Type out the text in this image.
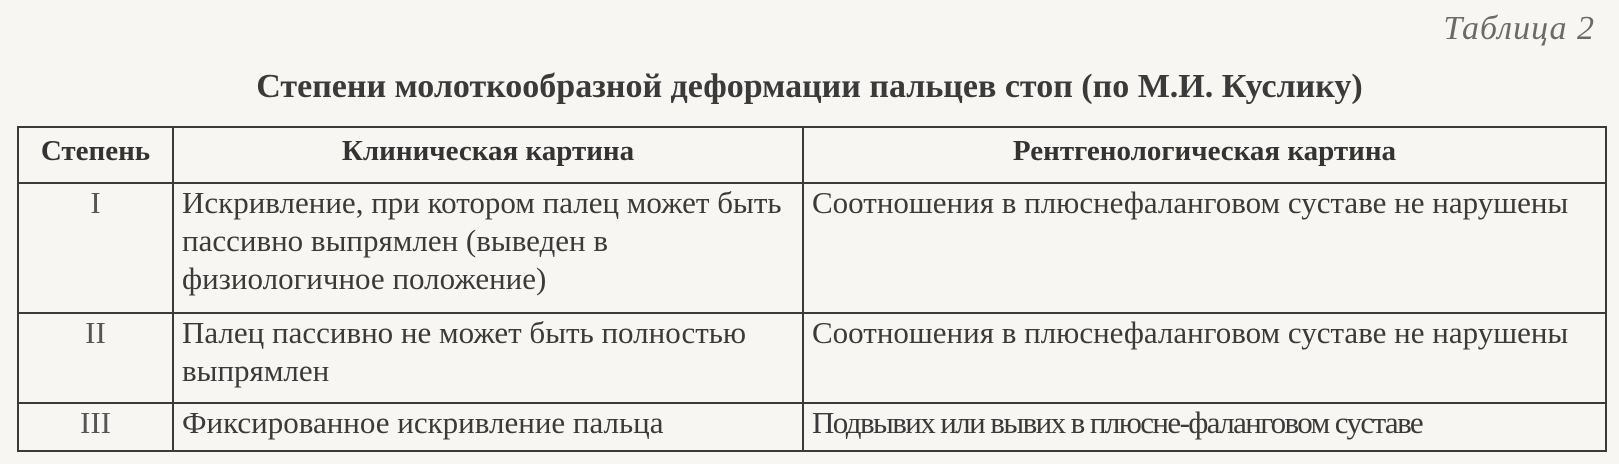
Таблица 2
Степени молоткообразной деформации пальцев стоп (по М.И. Куслику)
Степень	Клиническая картина	Рентгенологическая картина
I	Искривление, при котором палец может быть пассивно выпрямлен (выведен в физиологичное положение)	Соотношения в плюснефаланговом суставе не нарушены
II	Палец пассивно не может быть полностью выпрямлен	Соотношения в плюснефаланговом суставе не нарушены
III	Фиксированное искривление пальца	Подвывих или вывих в плюсне-фаланговом суставе
